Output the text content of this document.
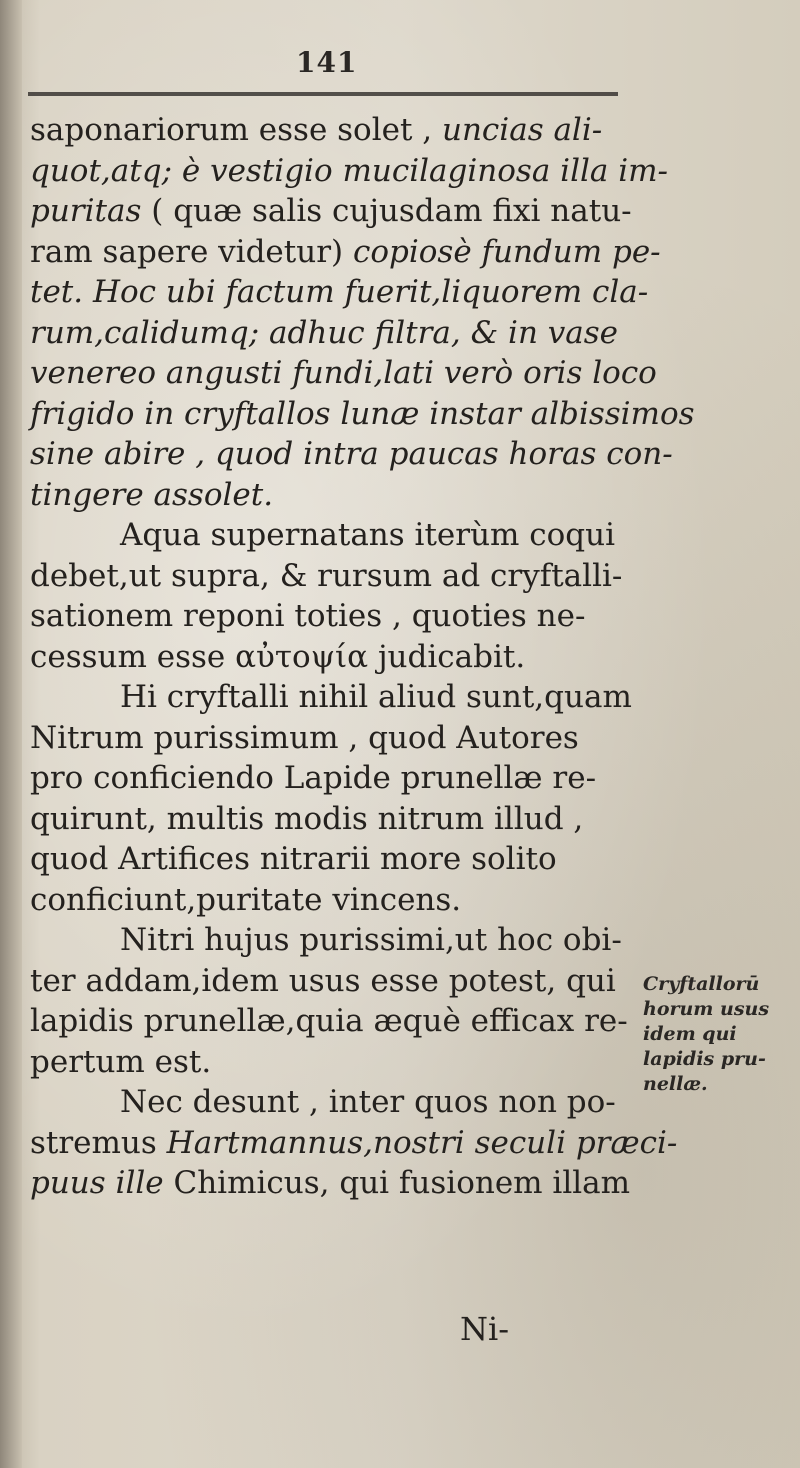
141
saponariorum esse solet , uncias ali-
quot,atq; è vestigio mucilaginosa illa im-
puritas ( quæ salis cujusdam fixi natu-
ram sapere videtur) copiosè fundum pe-
tet. Hoc ubi factum fuerit,liquorem cla-
rum,calidumq; adhuc filtra, & in vase
venereo angusti fundi,lati verò oris loco
frigido in cryftallos lunæ instar albissimos
sine abire , quod intra paucas horas con-
tingere assolet.
Aqua supernatans iterùm coqui
debet,ut supra, & rursum ad cryftalli-
sationem reponi toties , quoties ne-
cessum esse αὐτοψία judicabit.
Hi cryftalli nihil aliud sunt,quam
Nitrum purissimum , quod Autores
pro conficiendo Lapide prunellæ re-
quirunt, multis modis nitrum illud ,
quod Artifices nitrarii more solito
conficiunt,puritate vincens.
Nitri hujus purissimi,ut hoc obi-
ter addam,idem usus esse potest, qui
lapidis prunellæ,quia æquè efficax re-
pertum est.
Nec desunt , inter quos non po-
stremus Hartmannus,nostri seculi præci-
puus ille Chimicus, qui fusionem illam
Cryftallorū
horum usus
idem qui
lapidis pru-
nellæ.
Ni-
